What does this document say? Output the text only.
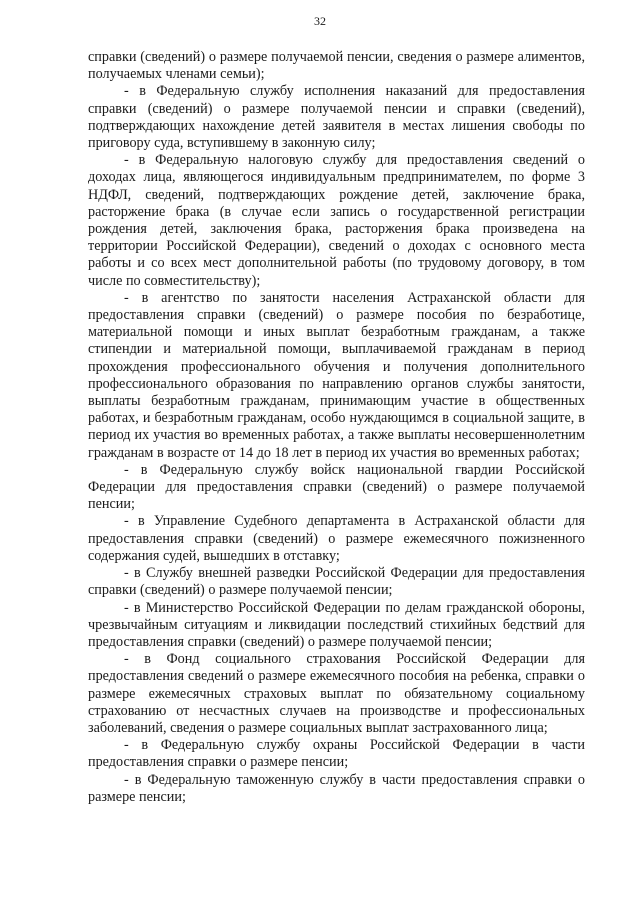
32

справки (сведений) о размере получаемой пенсии, сведения о размере алиментов, получаемых членами семьи);

- в Федеральную службу исполнения наказаний для предоставления справки (сведений) о размере получаемой пенсии и справки (сведений), подтверждающих нахождение детей заявителя в местах лишения свободы по приговору суда, вступившему в законную силу;

- в Федеральную налоговую службу для предоставления сведений о доходах лица, являющегося индивидуальным предпринимателем, по форме 3 НДФЛ, сведений, подтверждающих рождение детей, заключение брака, расторжение брака (в случае если запись о государственной регистрации рождения детей, заключения брака, расторжения брака произведена на территории Российской Федерации), сведений о доходах с основного места работы и со всех мест дополнительной работы (по трудовому договору, в том числе по совместительству);

- в агентство по занятости населения Астраханской области для предоставления справки (сведений) о размере пособия по безработице, материальной помощи и иных выплат безработным гражданам, а также стипендии и материальной помощи, выплачиваемой гражданам в период прохождения профессионального обучения и получения дополнительного профессионального образования по направлению органов службы занятости, выплаты безработным гражданам, принимающим участие в общественных работах, и безработным гражданам, особо нуждающимся в социальной защите, в период их участия во временных работах, а также выплаты несовершеннолетним гражданам в возрасте от 14 до 18 лет в период их участия во временных работах;

- в Федеральную службу войск национальной гвардии Российской Федерации для предоставления справки (сведений) о размере получаемой пенсии;

- в Управление Судебного департамента в Астраханской области для предоставления справки (сведений) о размере ежемесячного пожизненного содержания судей, вышедших в отставку;

- в Службу внешней разведки Российской Федерации для предоставления справки (сведений) о размере получаемой пенсии;

- в Министерство Российской Федерации по делам гражданской обороны, чрезвычайным ситуациям и ликвидации последствий стихийных бедствий для предоставления справки (сведений) о размере получаемой пенсии;

- в Фонд социального страхования Российской Федерации для предоставления сведений о размере ежемесячного пособия на ребенка, справки о размере ежемесячных страховых выплат по обязательному социальному страхованию от несчастных случаев на производстве и профессиональных заболеваний, сведения о размере социальных выплат застрахованного лица;

- в Федеральную службу охраны Российской Федерации в части предоставления справки о размере пенсии;

- в Федеральную таможенную службу в части предоставления справки о размере пенсии;
